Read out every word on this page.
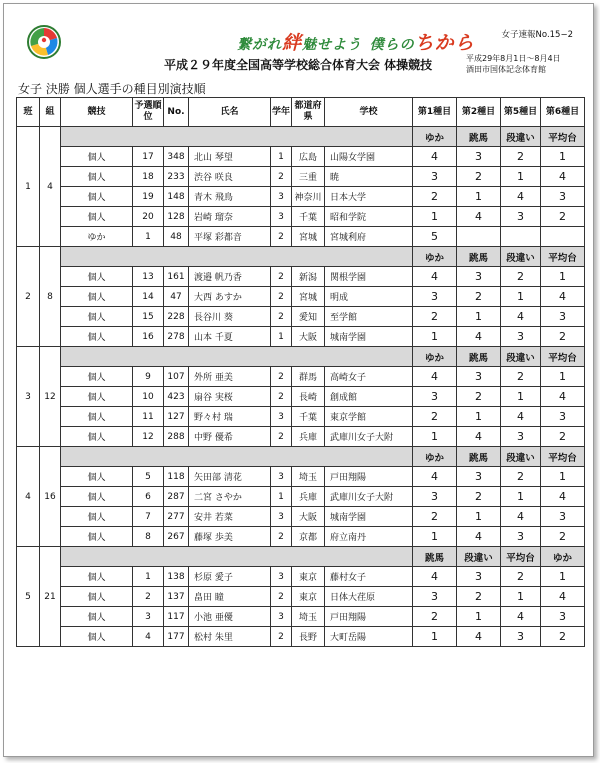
繋がれ絆魅せよう 僕らのちから	女子速報No.15−2
平成２９年度全国高等学校総合体育大会 体操競技	平成29年8月1日〜8月4日
酒田市国体記念体育館
女子 決勝 個人選手の種目別演技順
班	組	競技	予選順位	No.	氏名	学年	都道府県	学校	第1種目	第2種目	第5種目	第6種目
1	4								ゆか	跳馬	段違い	平均台
		個人	17	348	北山 琴望	1	広島	山陽女学園	4	3	2	1
		個人	18	233	渋谷 咲良	2	三重	暁	3	2	1	4
		個人	19	148	青木 飛鳥	3	神奈川	日本大学	2	1	4	3
		個人	20	128	岩崎 瑠奈	3	千葉	昭和学院	1	4	3	2
		ゆか	1	48	平塚 彩都音	2	宮城	宮城利府	5			
2	8								ゆか	跳馬	段違い	平均台
		個人	13	161	渡邉 帆乃香	2	新潟	関根学園	4	3	2	1
		個人	14	47	大西 あすか	2	宮城	明成	3	2	1	4
		個人	15	228	長谷川 葵	2	愛知	至学館	2	1	4	3
		個人	16	278	山本 千夏	1	大阪	城南学園	1	4	3	2
3	12								ゆか	跳馬	段違い	平均台
		個人	9	107	外所 亜美	2	群馬	高崎女子	4	3	2	1
		個人	10	423	扇谷 実桜	2	長崎	創成館	3	2	1	4
		個人	11	127	野々村 瑞	3	千葉	東京学館	2	1	4	3
		個人	12	288	中野 優希	2	兵庫	武庫川女子大附	1	4	3	2
4	16								ゆか	跳馬	段違い	平均台
		個人	5	118	矢田部 清花	3	埼玉	戸田翔陽	4	3	2	1
		個人	6	287	二宮 さやか	1	兵庫	武庫川女子大附	3	2	1	4
		個人	7	277	安井 若菜	3	大阪	城南学園	2	1	4	3
		個人	8	267	藤塚 歩美	2	京都	府立南丹	1	4	3	2
5	21								跳馬	段違い	平均台	ゆか
		個人	1	138	杉原 愛子	3	東京	藤村女子	4	3	2	1
		個人	2	137	畠田 瞳	2	東京	日体大荏原	3	2	1	4
		個人	3	117	小池 亜優	3	埼玉	戸田翔陽	2	1	4	3
		個人	4	177	松村 朱里	2	長野	大町岳陽	1	4	3	2
